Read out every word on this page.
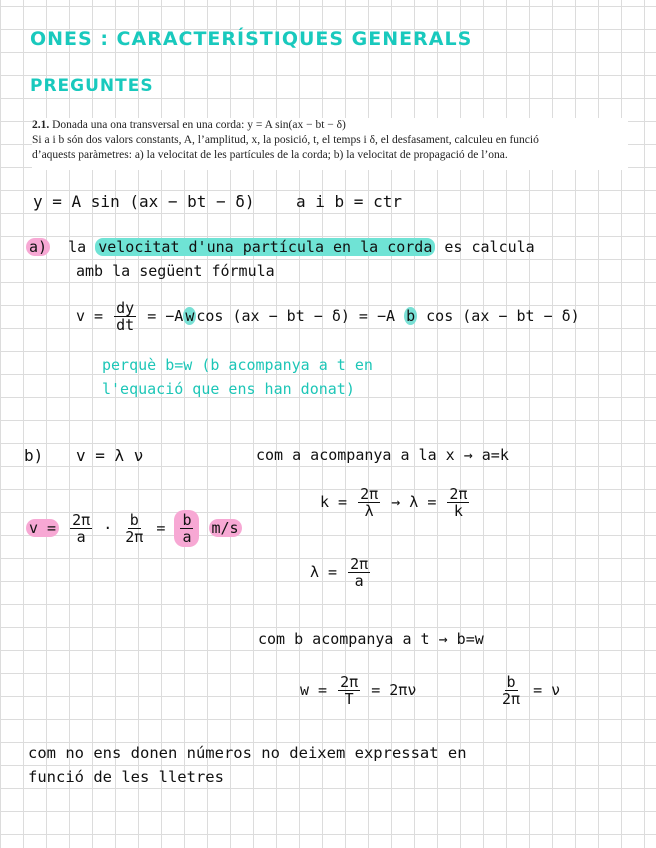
ONES : CARACTERÍSTIQUES GENERALS
PREGUNTES
2.1. Donada una ona transversal en una corda: y = A sin(ax − bt − δ)
Si a i b són dos valors constants, A, l’amplitud, x, la posició, t, el temps i δ, el desfasament, calculeu en funció
d’aquests paràmetres: a) la velocitat de les partícules de la corda; b) la velocitat de propagació de l’ona.
y = A sin (ax − bt − δ)	a i b = ctr
a) la velocitat d'una partícula en la corda es calcula
amb la següent fórmula
$v = \frac{dy}{dt} = -A$ w cos (ax − bt − δ) = −A b cos (ax − bt − δ)
perquè b=w (b acompanya a t en
l'equació que ens han donat)
b) v = λ ν	com a acompanya a la x → a=k
$k = \frac{2\pi}{\lambda} \to \lambda = \frac{2\pi}{k}$
$v = \frac{2\pi}{a} \cdot \frac{b}{2\pi} = \frac{b}{a} m/s$
$\lambda = \frac{2\pi}{a}$
com b acompanya a t → b=w
$w = \frac{2\pi}{T} = 2\pi\nu$	$\frac{b}{2\pi} = \nu$
com no ens donen números no deixem expressat en
funció de les lletres
